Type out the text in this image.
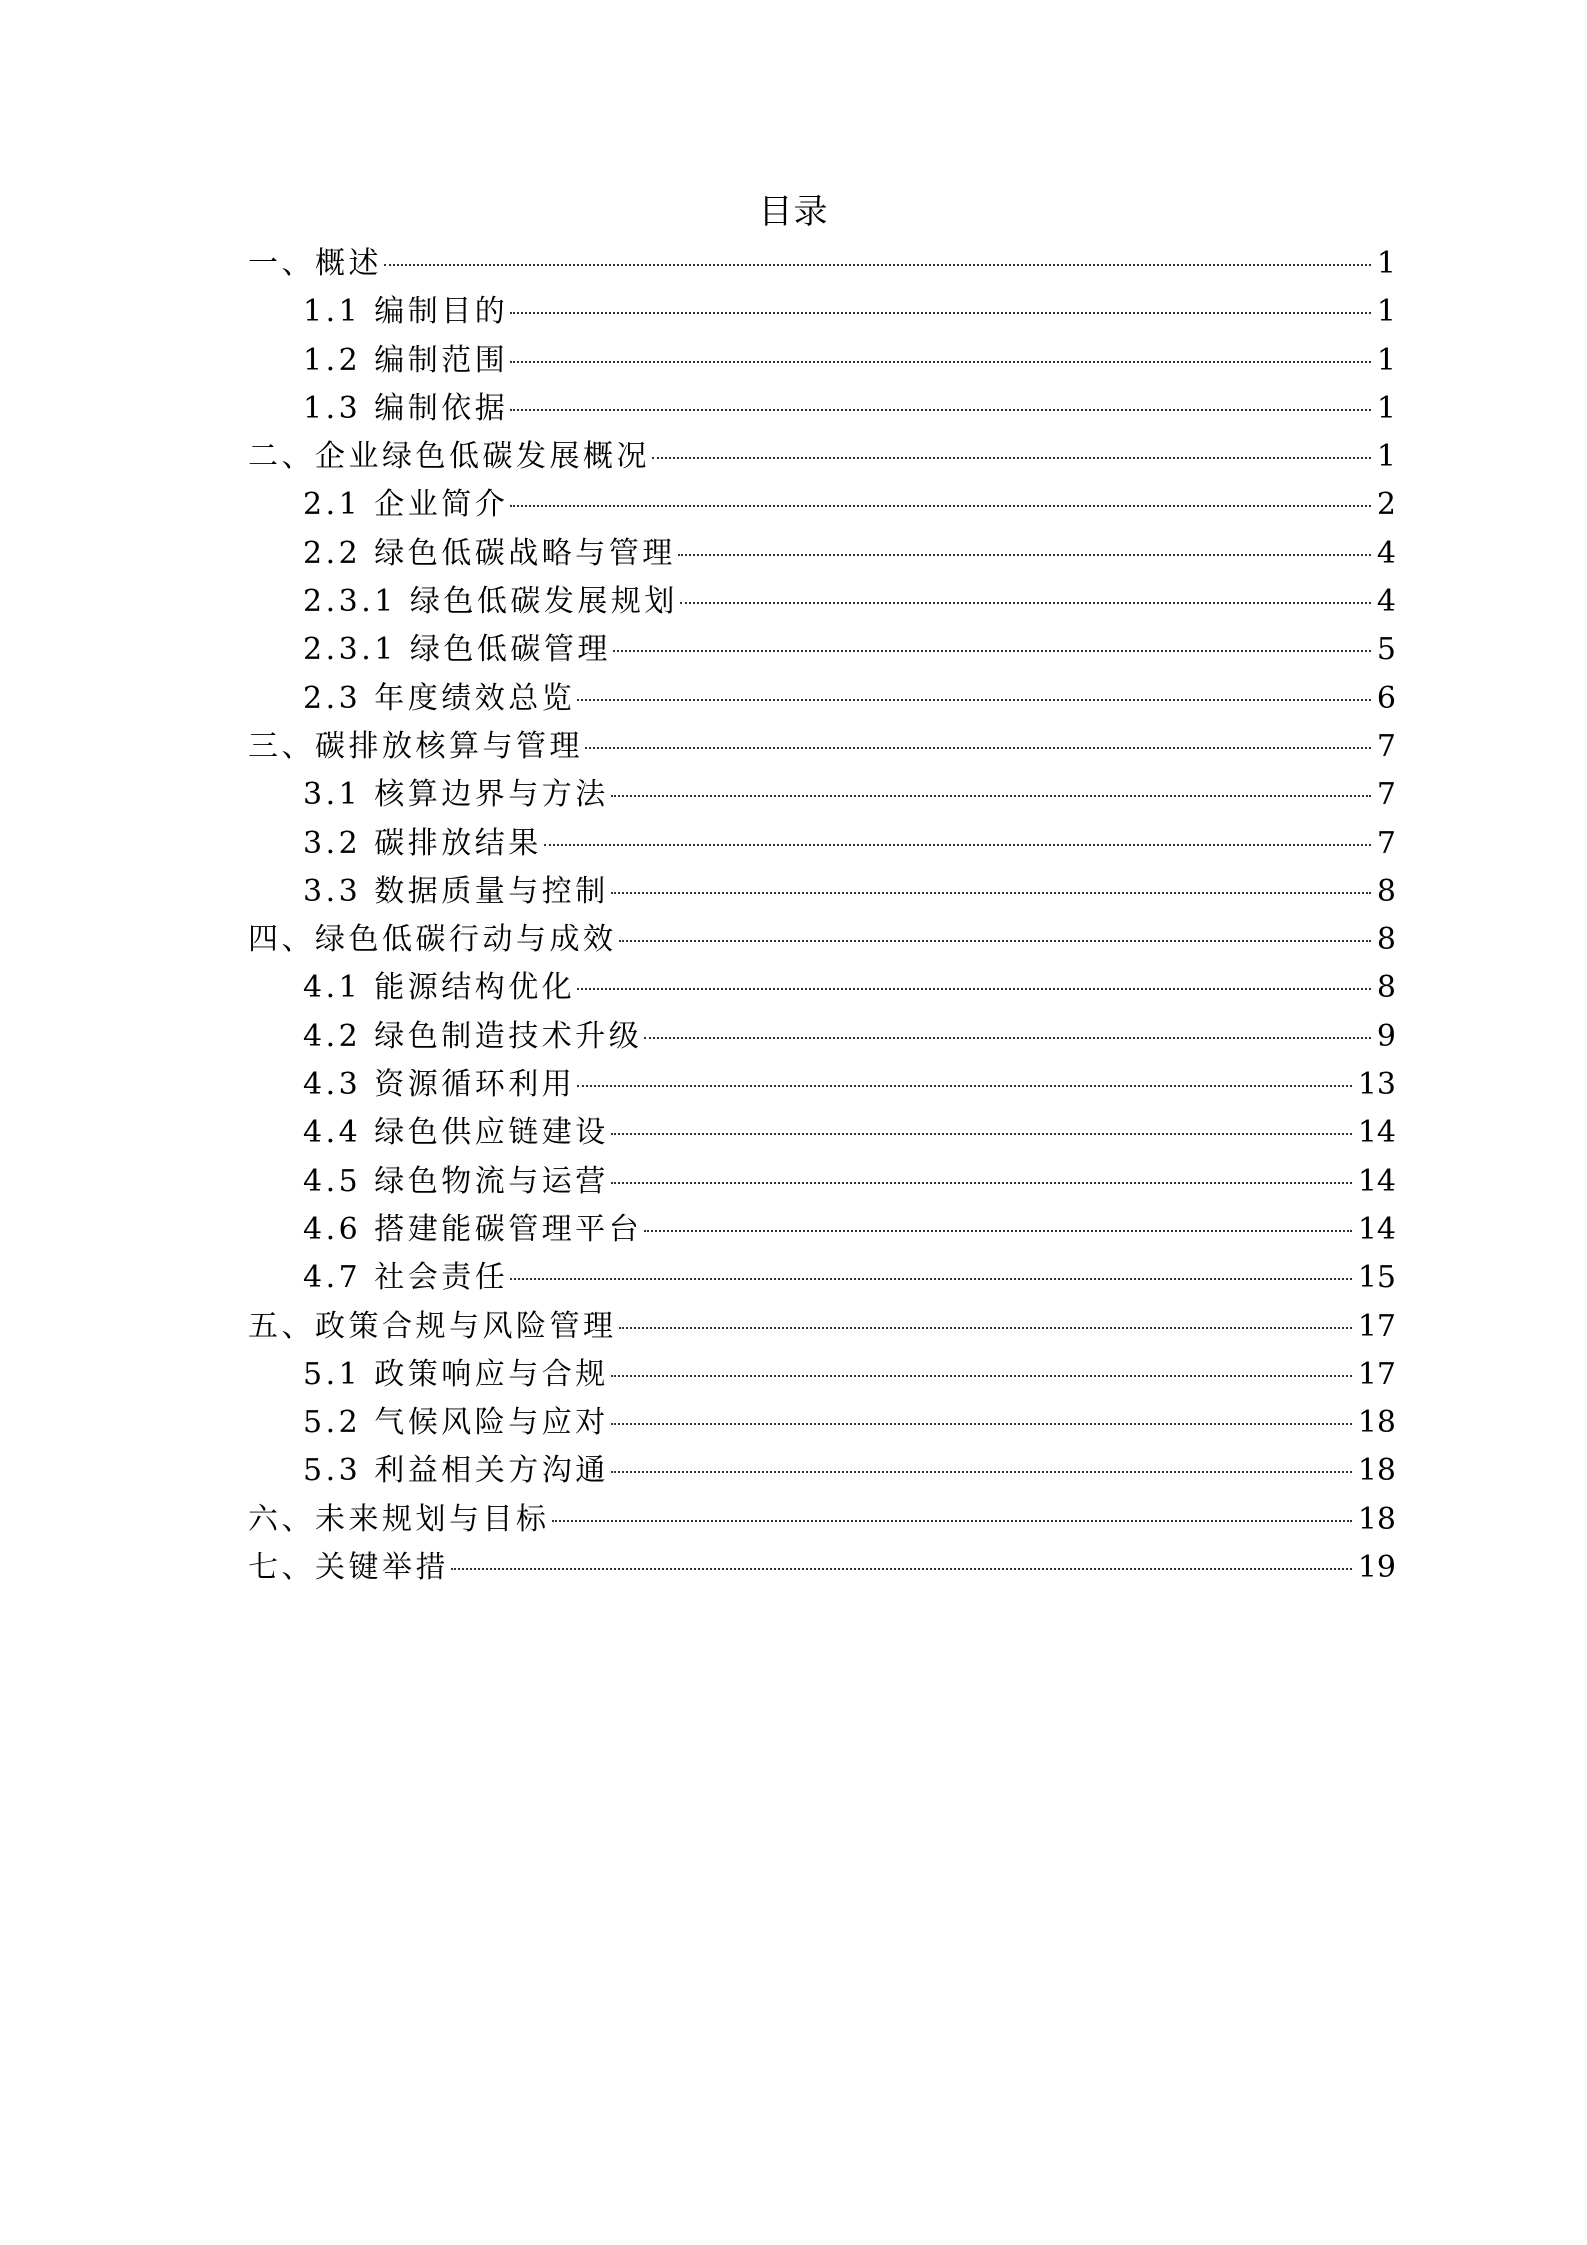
目录
一、概述	1
1.1 编制目的	1
1.2 编制范围	1
1.3 编制依据	1
二、企业绿色低碳发展概况	1
2.1 企业简介	2
2.2 绿色低碳战略与管理	4
2.3.1 绿色低碳发展规划	4
2.3.1 绿色低碳管理	5
2.3 年度绩效总览	6
三、碳排放核算与管理	7
3.1 核算边界与方法	7
3.2 碳排放结果	7
3.3 数据质量与控制	8
四、绿色低碳行动与成效	8
4.1 能源结构优化	8
4.2 绿色制造技术升级	9
4.3 资源循环利用	13
4.4 绿色供应链建设	14
4.5 绿色物流与运营	14
4.6 搭建能碳管理平台	14
4.7 社会责任	15
五、政策合规与风险管理	17
5.1 政策响应与合规	17
5.2 气候风险与应对	18
5.3 利益相关方沟通	18
六、未来规划与目标	18
七、关键举措	19
